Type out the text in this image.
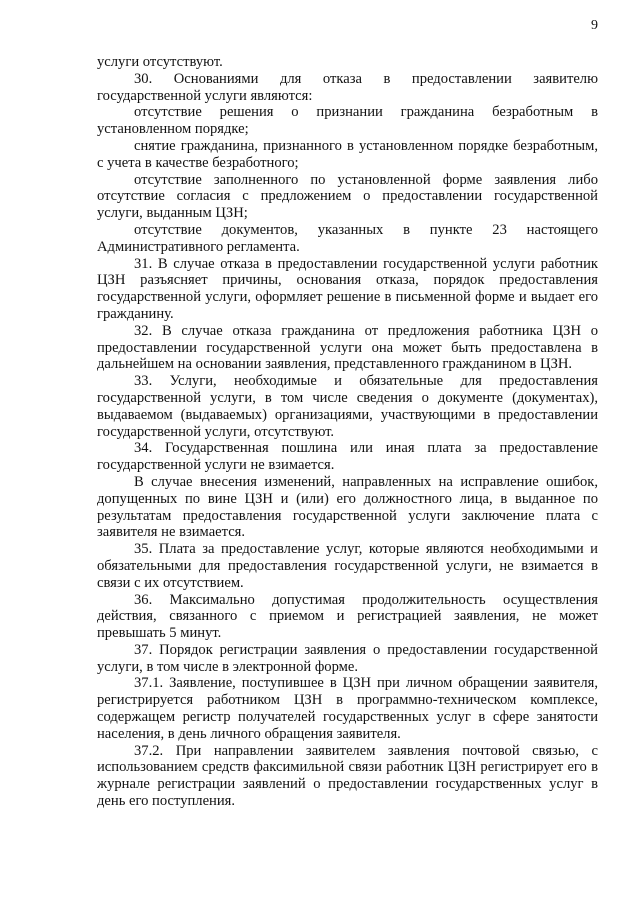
9

услуги отсутствуют.

30. Основаниями для отказа в предоставлении заявителю государственной услуги являются:

отсутствие решения о признании гражданина безработным в установленном порядке;

снятие гражданина, признанного в установленном порядке безработным, с учета в качестве безработного;

отсутствие заполненного по установленной форме заявления либо отсутствие согласия с предложением о предоставлении государственной услуги, выданным ЦЗН;

отсутствие документов, указанных в пункте 23 настоящего Административного регламента.

31. В случае отказа в предоставлении государственной услуги работник ЦЗН разъясняет причины, основания отказа, порядок предоставления государственной услуги, оформляет решение в письменной форме и выдает его гражданину.

32. В случае отказа гражданина от предложения работника ЦЗН о предоставлении государственной услуги она может быть предоставлена в дальнейшем на основании заявления, представленного гражданином в ЦЗН.

33. Услуги, необходимые и обязательные для предоставления государственной услуги, в том числе сведения о документе (документах), выдаваемом (выдаваемых) организациями, участвующими в предоставлении государственной услуги, отсутствуют.

34. Государственная пошлина или иная плата за предоставление государственной услуги не взимается.

В случае внесения изменений, направленных на исправление ошибок, допущенных по вине ЦЗН и (или) его должностного лица, в выданное по результатам предоставления государственной услуги заключение плата с заявителя не взимается.

35. Плата за предоставление услуг, которые являются необходимыми и обязательными для предоставления государственной услуги, не взимается в связи с их отсутствием.

36. Максимально допустимая продолжительность осуществления действия, связанного с приемом и регистрацией заявления, не может превышать 5 минут.

37. Порядок регистрации заявления о предоставлении государственной услуги, в том числе в электронной форме.

37.1. Заявление, поступившее в ЦЗН при личном обращении заявителя, регистрируется работником ЦЗН в программно-техническом комплексе, содержащем регистр получателей государственных услуг в сфере занятости населения, в день личного обращения заявителя.

37.2. При направлении заявителем заявления почтовой связью, с использованием средств факсимильной связи работник ЦЗН регистрирует его в журнале регистрации заявлений о предоставлении государственных услуг в день его поступления.
